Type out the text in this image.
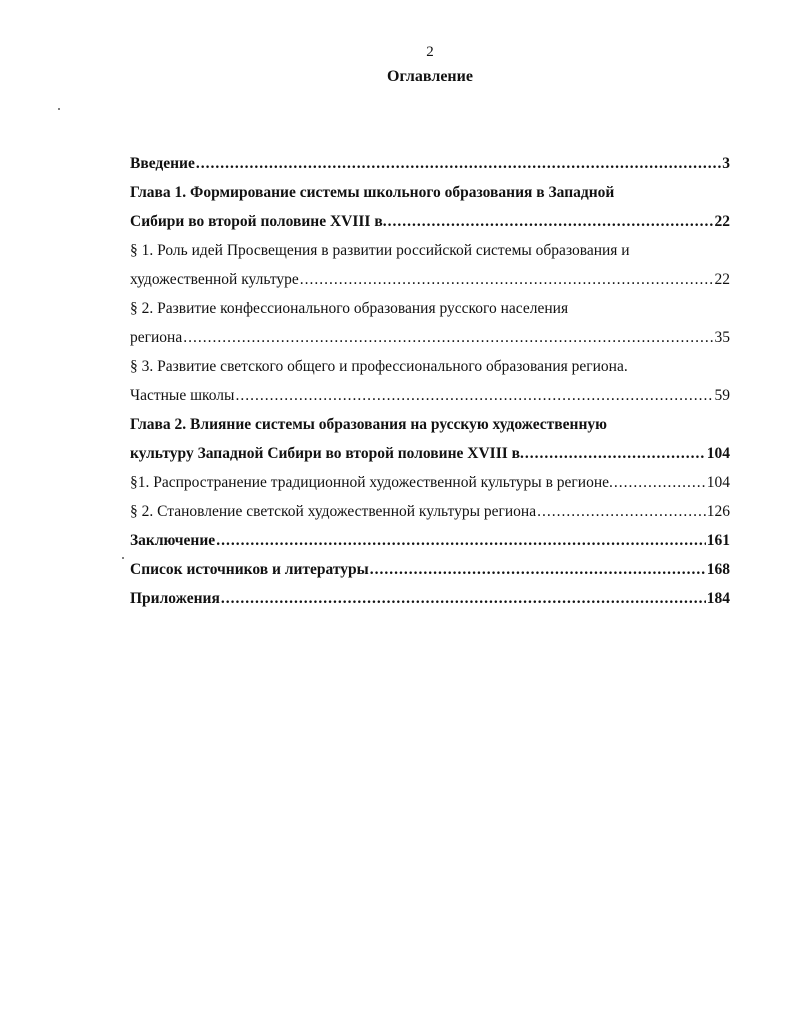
2
Оглавление
Введение .....	3
Глава 1. Формирование системы школьного образования в Западной
Сибири во второй половине XVIII в. .....	22
§ 1. Роль идей Просвещения в развитии российской системы образования и
художественной культуре .....	22
§ 2. Развитие конфессионального образования русского населения
региона .....	35
§ 3. Развитие светского общего и профессионального образования региона.
Частные школы .....	59
Глава 2. Влияние системы образования на русскую художественную
культуру Западной Сибири во второй половине XVIII в. .....	104
§1. Распространение традиционной художественной культуры в регионе. .....	104
§ 2. Становление светской художественной культуры региона .....	126
Заключение .....	161
Список источников и литературы .....	168
Приложения .....	184
